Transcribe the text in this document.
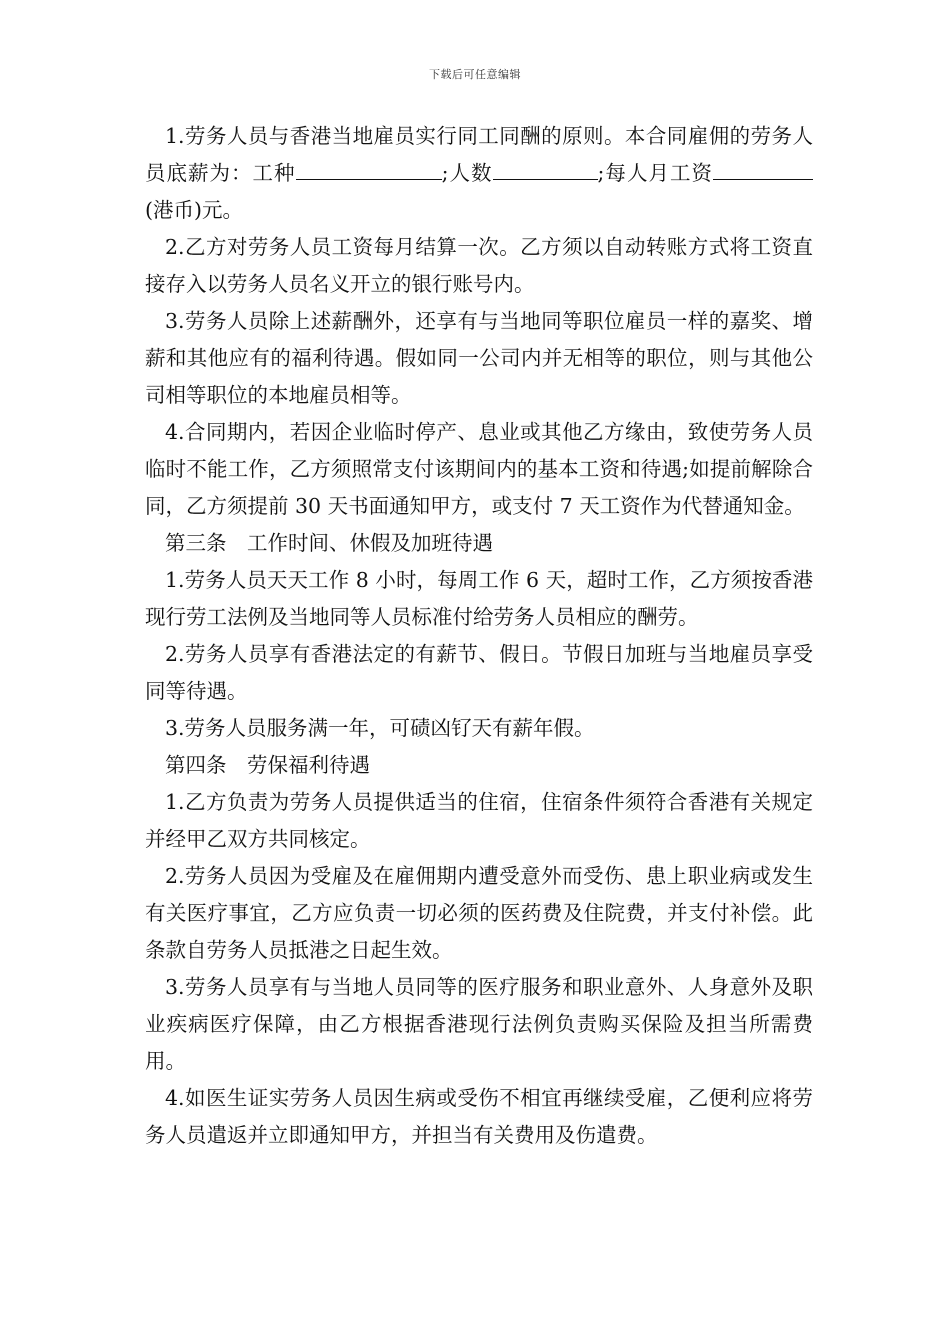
下载后可任意编辑

1.劳务人员与香港当地雇员实行同工同酬的原则。本合同雇佣的劳务人员底薪为：工种	;人数	;每人月工资(港币)元。

2.乙方对劳务人员工资每月结算一次。乙方须以自动转账方式将工资直接存入以劳务人员名义开立的银行账号内。

3.劳务人员除上述薪酬外，还享有与当地同等职位雇员一样的嘉奖、增薪和其他应有的福利待遇。假如同一公司内并无相等的职位，则与其他公司相等职位的本地雇员相等。

4.合同期内，若因企业临时停产、息业或其他乙方缘由，致使劳务人员临时不能工作，乙方须照常支付该期间内的基本工资和待遇;如提前解除合同，乙方须提前 30 天书面通知甲方，或支付 7 天工资作为代替通知金。

第三条　工作时间、休假及加班待遇

1.劳务人员天天工作 8 小时，每周工作 6 天，超时工作，乙方须按香港现行劳工法例及当地同等人员标准付给劳务人员相应的酬劳。

2.劳务人员享有香港法定的有薪节、假日。节假日加班与当地雇员享受同等待遇。

3.劳务人员服务满一年，可碛凶钌天有薪年假。

第四条　劳保福利待遇

1.乙方负责为劳务人员提供适当的住宿，住宿条件须符合香港有关规定并经甲乙双方共同核定。

2.劳务人员因为受雇及在雇佣期内遭受意外而受伤、患上职业病或发生有关医疗事宜，乙方应负责一切必须的医药费及住院费，并支付补偿。此条款自劳务人员抵港之日起生效。

3.劳务人员享有与当地人员同等的医疗服务和职业意外、人身意外及职业疾病医疗保障，由乙方根据香港现行法例负责购买保险及担当所需费用。

4.如医生证实劳务人员因生病或受伤不相宜再继续受雇，乙便利应将劳务人员遣返并立即通知甲方，并担当有关费用及伤遣费。
